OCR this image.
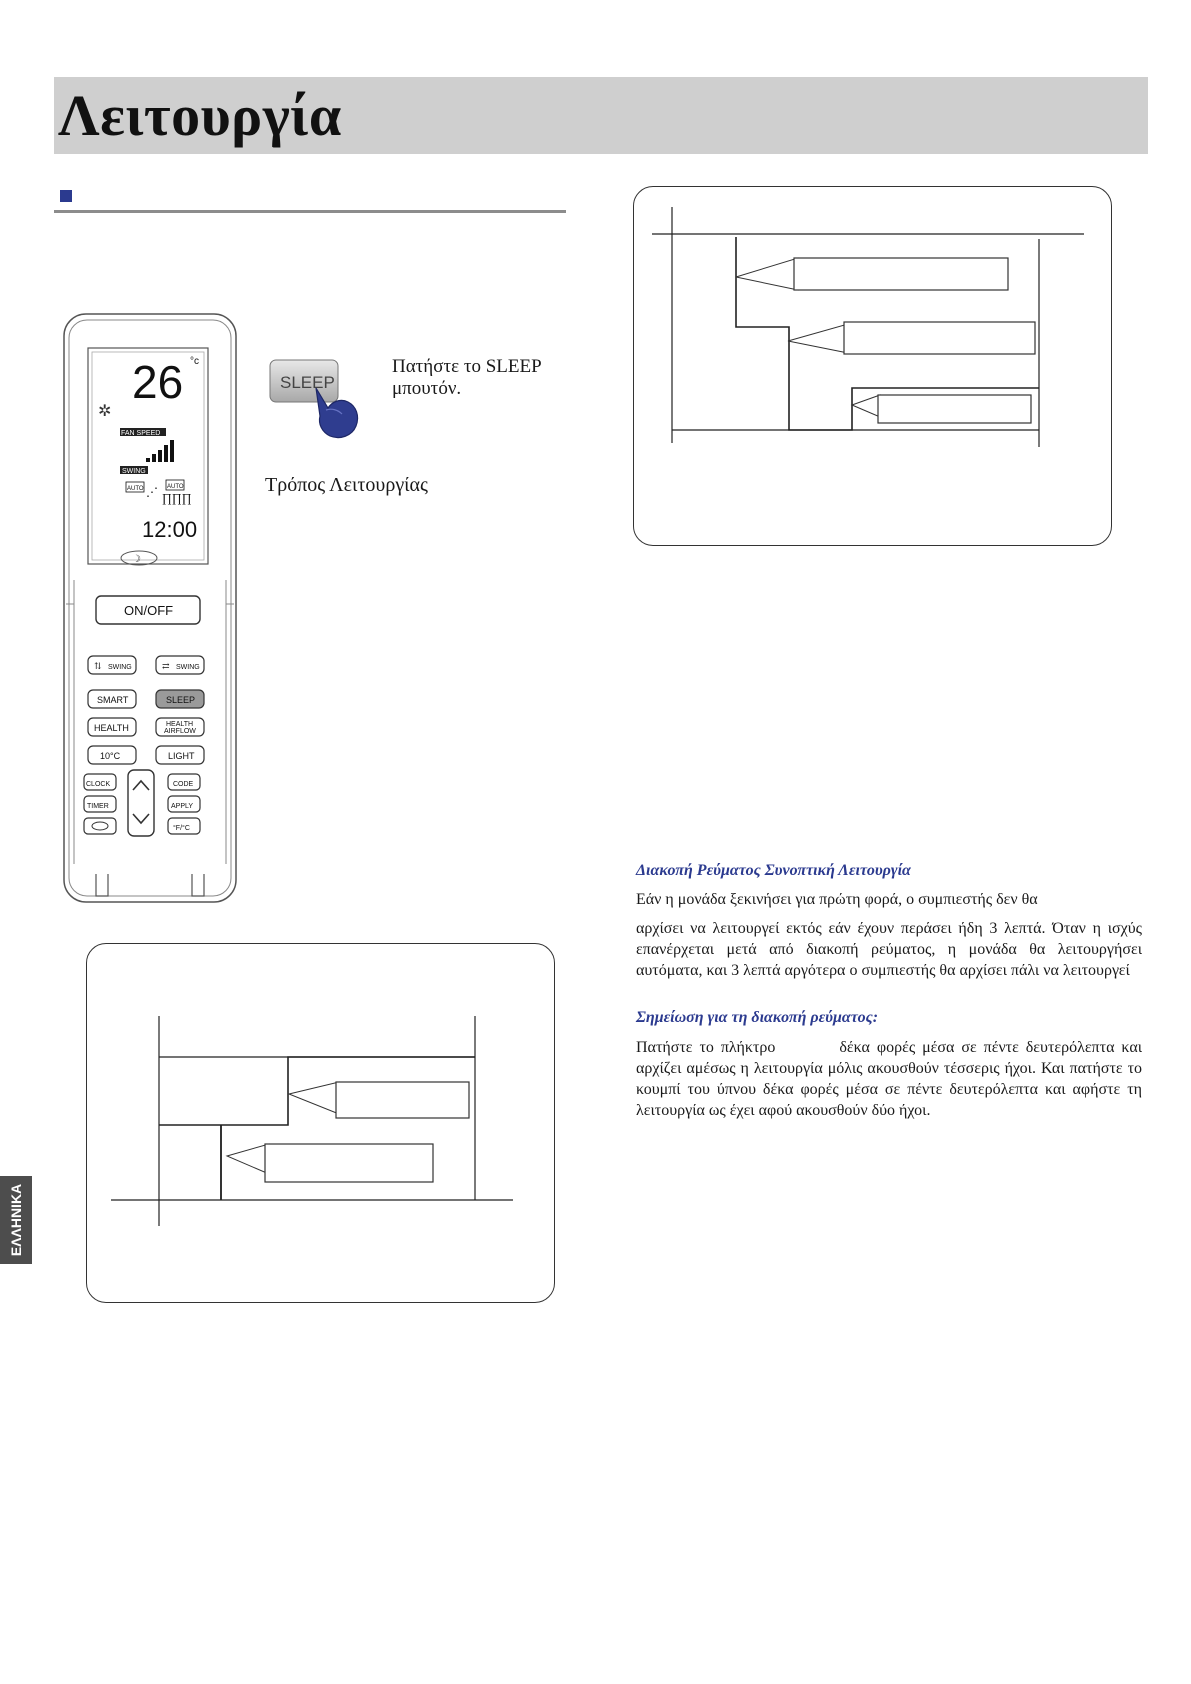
Λειτουργία
ΕΛΛΗΝΙΚΑ
26 °c
✲
FAN SPEED
SWING
AUTO ⋰ AUTO
∏∏∏
12:00
☽
ON/OFF
⇅ SWING	⇄ SWING
SMART	SLEEP
HEALTH	HEALTH
AIRFLOW
10°C	LIGHT
CLOCK
TIMER
CODE
APPLY
°F/°C
SLEEP
Πατήστε το SLEEP
μπουτόν.
Τρόπος Λειτουργίας
Διακοπή Ρεύματος Συνοπτική Λειτουργία
Εάν η μονάδα ξεκινήσει για πρώτη φορά, ο συμπιεστής δεν θα
αρχίσει να λειτουργεί εκτός εάν έχουν περάσει ήδη 3 λεπτά. Όταν η ισχύς επανέρχεται μετά από διακοπή ρεύματος, η μονάδα θα λειτουργήσει αυτόματα, και 3 λεπτά αργότερα ο συμπιεστής θα αρχίσει πάλι να λειτουργεί
Σημείωση για τη διακοπή ρεύματος:
Πατήστε το πλήκτρο	δέκα φορές μέσα σε πέντε δευτερόλεπτα και αρχίζει αμέσως η λειτουργία μόλις ακουσθούν τέσσερις ήχοι. Και πατήστε το κουμπί του ύπνου δέκα φορές μέσα σε πέντε δευτερόλεπτα και αφήστε τη λειτουργία ως έχει αφού ακουσθούν δύο ήχοι.
